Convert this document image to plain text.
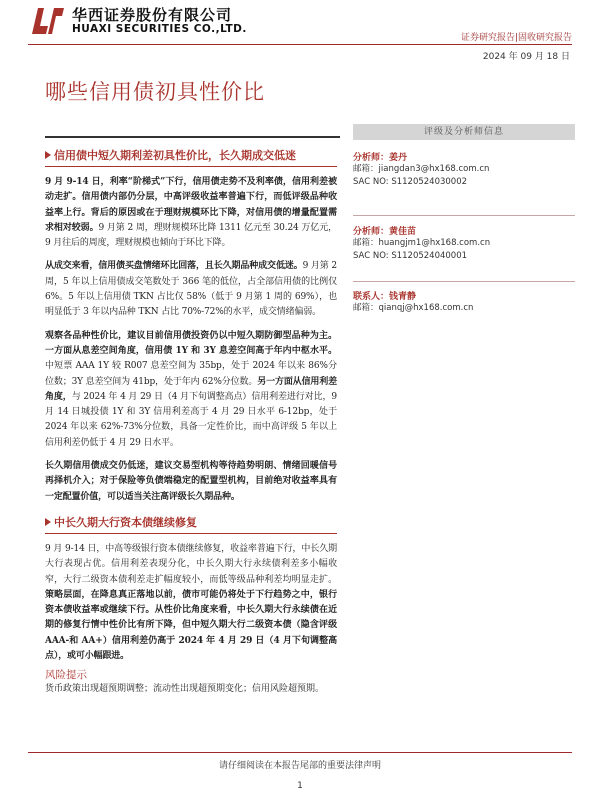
华西证券股份有限公司
HUAXI SECURITIES CO.,LTD.
证券研究报告|固收研究报告
2024 年 09 月 18 日
哪些信用债初具性价比
信用债中短久期利差初具性价比，长久期成交低迷

9 月 9-14 日，利率“阶梯式”下行，信用债走势不及利率债，信用利差被动走扩。信用债内部仍分层，中高评级收益率普遍下行，而低评级品种收益率上行。背后的原因或在于理财规模环比下降，对信用债的增量配置需求相对较弱。9 月第 2 周，理财规模环比降 1311 亿元至 30.24 万亿元，9 月往后的周度，理财规模也倾向于环比下降。

从成交来看，信用债买盘情绪环比回落，且长久期品种成交低迷。9 月第 2 周，5 年以上信用债成交笔数处于 366 笔的低位，占全部信用债的比例仅 6%。5 年以上信用债 TKN 占比仅 58%（低于 9 月第 1 周的 69%），也明显低于 3 年以内品种 TKN 占比 70%-72%的水平，成交情绪偏弱。

观察各品种性价比，建议目前信用债投资仍以中短久期防御型品种为主。一方面从息差空间角度，信用债 1Y 和 3Y 息差空间高于年内中枢水平。中短票 AAA 1Y 较 R007 息差空间为 35bp，处于 2024 年以来 86%分位数；3Y 息差空间为 41bp，处于年内 62%分位数。另一方面从信用利差角度，与 2024 年 4 月 29 日（4 月下旬调整高点）信用利差进行对比，9 月 14 日城投债 1Y 和 3Y 信用利差高于 4 月 29 日水平 6-12bp，处于 2024 年以来 62%-73%分位数，具备一定性价比，而中高评级 5 年以上信用利差仍低于 4 月 29 日水平。

长久期信用债成交仍低迷，建议交易型机构等待趋势明朗、情绪回暖信号再择机介入；对于保险等负债端稳定的配置型机构，目前绝对收益率具有一定配置价值，可以适当关注高评级长久期品种。

中长久期大行资本债继续修复

9 月 9-14 日，中高等级银行资本债继续修复，收益率普遍下行，中长久期大行表现占优。信用利差表现分化，中长久期大行永续债利差多小幅收窄，大行二级资本债利差走扩幅度较小，而低等级品种利差均明显走扩。策略层面，在降息真正落地以前，债市可能仍将处于下行趋势之中，银行资本债收益率或继续下行。从性价比角度来看，中长久期大行永续债在近期的修复行情中性价比有所下降，但中短久期大行二级资本债（隐含评级 AAA-和 AA+）信用利差仍高于 2024 年 4 月 29 日（4 月下旬调整高点），或可小幅跟进。

风险提示
货币政策出现超预期调整；流动性出现超预期变化；信用风险超预期。
评级及分析师信息
分析师：姜丹
邮箱：jiangdan3@hx168.com.cn
SAC NO: S1120524030002
分析师：黄佳苗
邮箱：huangjm1@hx168.com.cn
SAC NO: S1120524040001
联系人：钱青静
邮箱：qianqj@hx168.com.cn
请仔细阅读在本报告尾部的重要法律声明
1
